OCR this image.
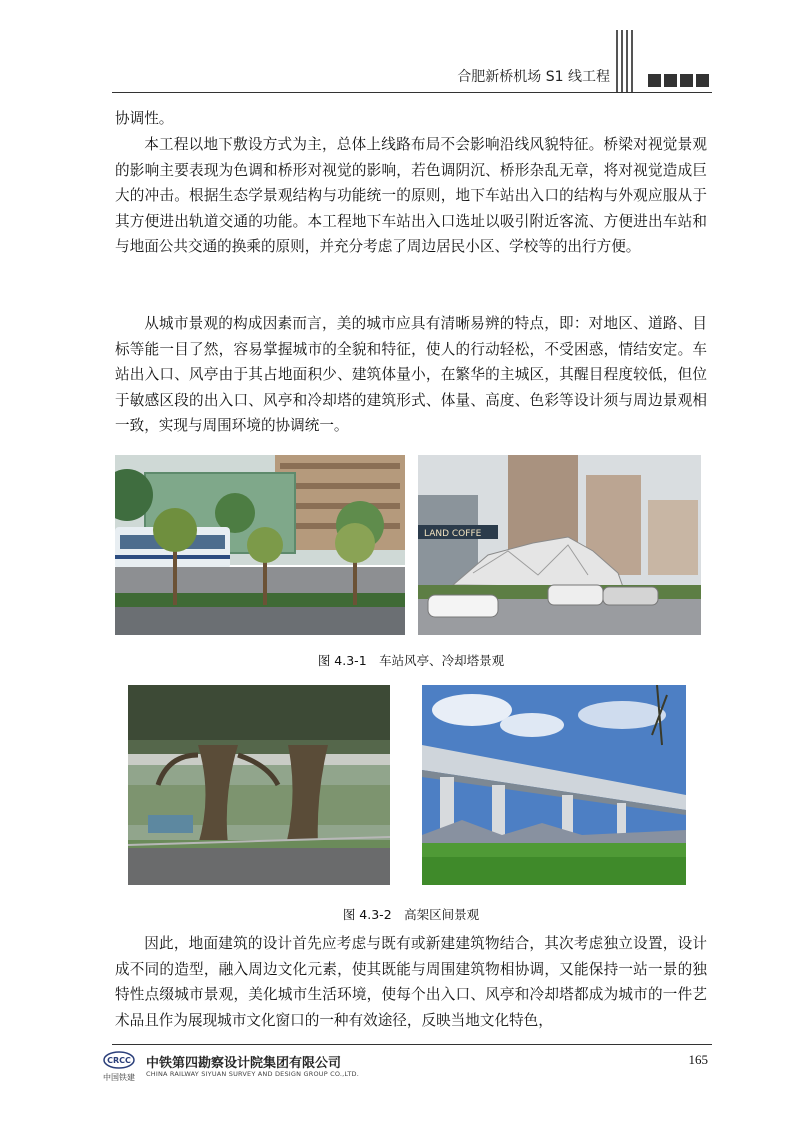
合肥新桥机场 S1 线工程

协调性。

本工程以地下敷设方式为主，总体上线路布局不会影响沿线风貌特征。桥梁对视觉景观的影响主要表现为色调和桥形对视觉的影响，若色调阴沉、桥形杂乱无章，将对视觉造成巨大的冲击。根据生态学景观结构与功能统一的原则，地下车站出入口的结构与外观应服从于其方便进出轨道交通的功能。本工程地下车站出入口选址以吸引附近客流、方便进出车站和与地面公共交通的换乘的原则，并充分考虑了周边居民小区、学校等的出行方便。

从城市景观的构成因素而言，美的城市应具有清晰易辨的特点，即：对地区、道路、目标等能一目了然，容易掌握城市的全貌和特征，使人的行动轻松，不受困惑，情结安定。车站出入口、风亭由于其占地面积少、建筑体量小，在繁华的主城区，其醒目程度较低，但位于敏感区段的出入口、风亭和冷却塔的建筑形式、体量、高度、色彩等设计须与周边景观相一致，实现与周围环境的协调统一。

LAND COFFE
图 4.3-1　车站风亭、冷却塔景观
图 4.3-2　高架区间景观

因此，地面建筑的设计首先应考虑与既有或新建建筑物结合，其次考虑独立设置，设计成不同的造型，融入周边文化元素，使其既能与周围建筑物相协调，又能保持一站一景的独特性点缀城市景观，美化城市生活环境，使每个出入口、风亭和冷却塔都成为城市的一件艺术品且作为展现城市文化窗口的一种有效途径，反映当地文化特色，

CRCC
中国铁建
中铁第四勘察设计院集团有限公司
CHINA RAILWAY SIYUAN SURVEY AND DESIGN GROUP CO.,LTD.
165
